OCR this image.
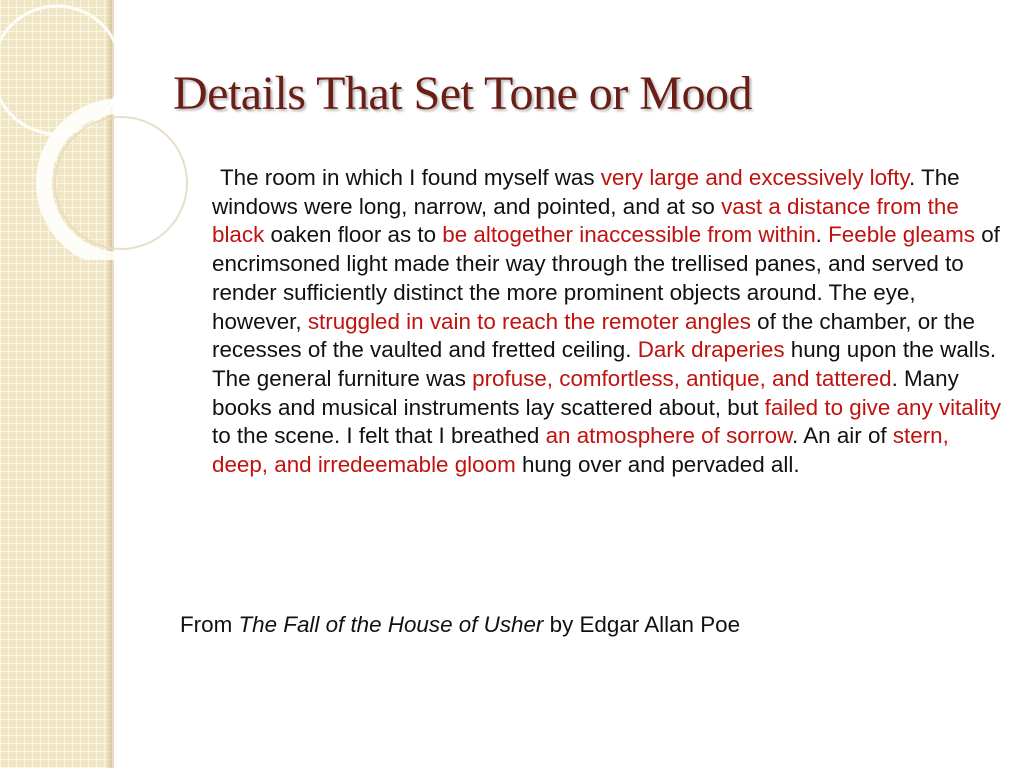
Details That Set Tone or Mood

The room in which I found myself was very large and excessively lofty. The windows were long, narrow, and pointed, and at so vast a distance from the black oaken floor as to be altogether inaccessible from within. Feeble gleams of encrimsoned light made their way through the trellised panes, and served to render sufficiently distinct the more prominent objects around. The eye, however, struggled in vain to reach the remoter angles of the chamber, or the recesses of the vaulted and fretted ceiling. Dark draperies hung upon the walls. The general furniture was profuse, comfortless, antique, and tattered. Many books and musical instruments lay scattered about, but failed to give any vitality to the scene. I felt that I breathed an atmosphere of sorrow. An air of stern, deep, and irredeemable gloom hung over and pervaded all.

From The Fall of the House of Usher by Edgar Allan Poe
